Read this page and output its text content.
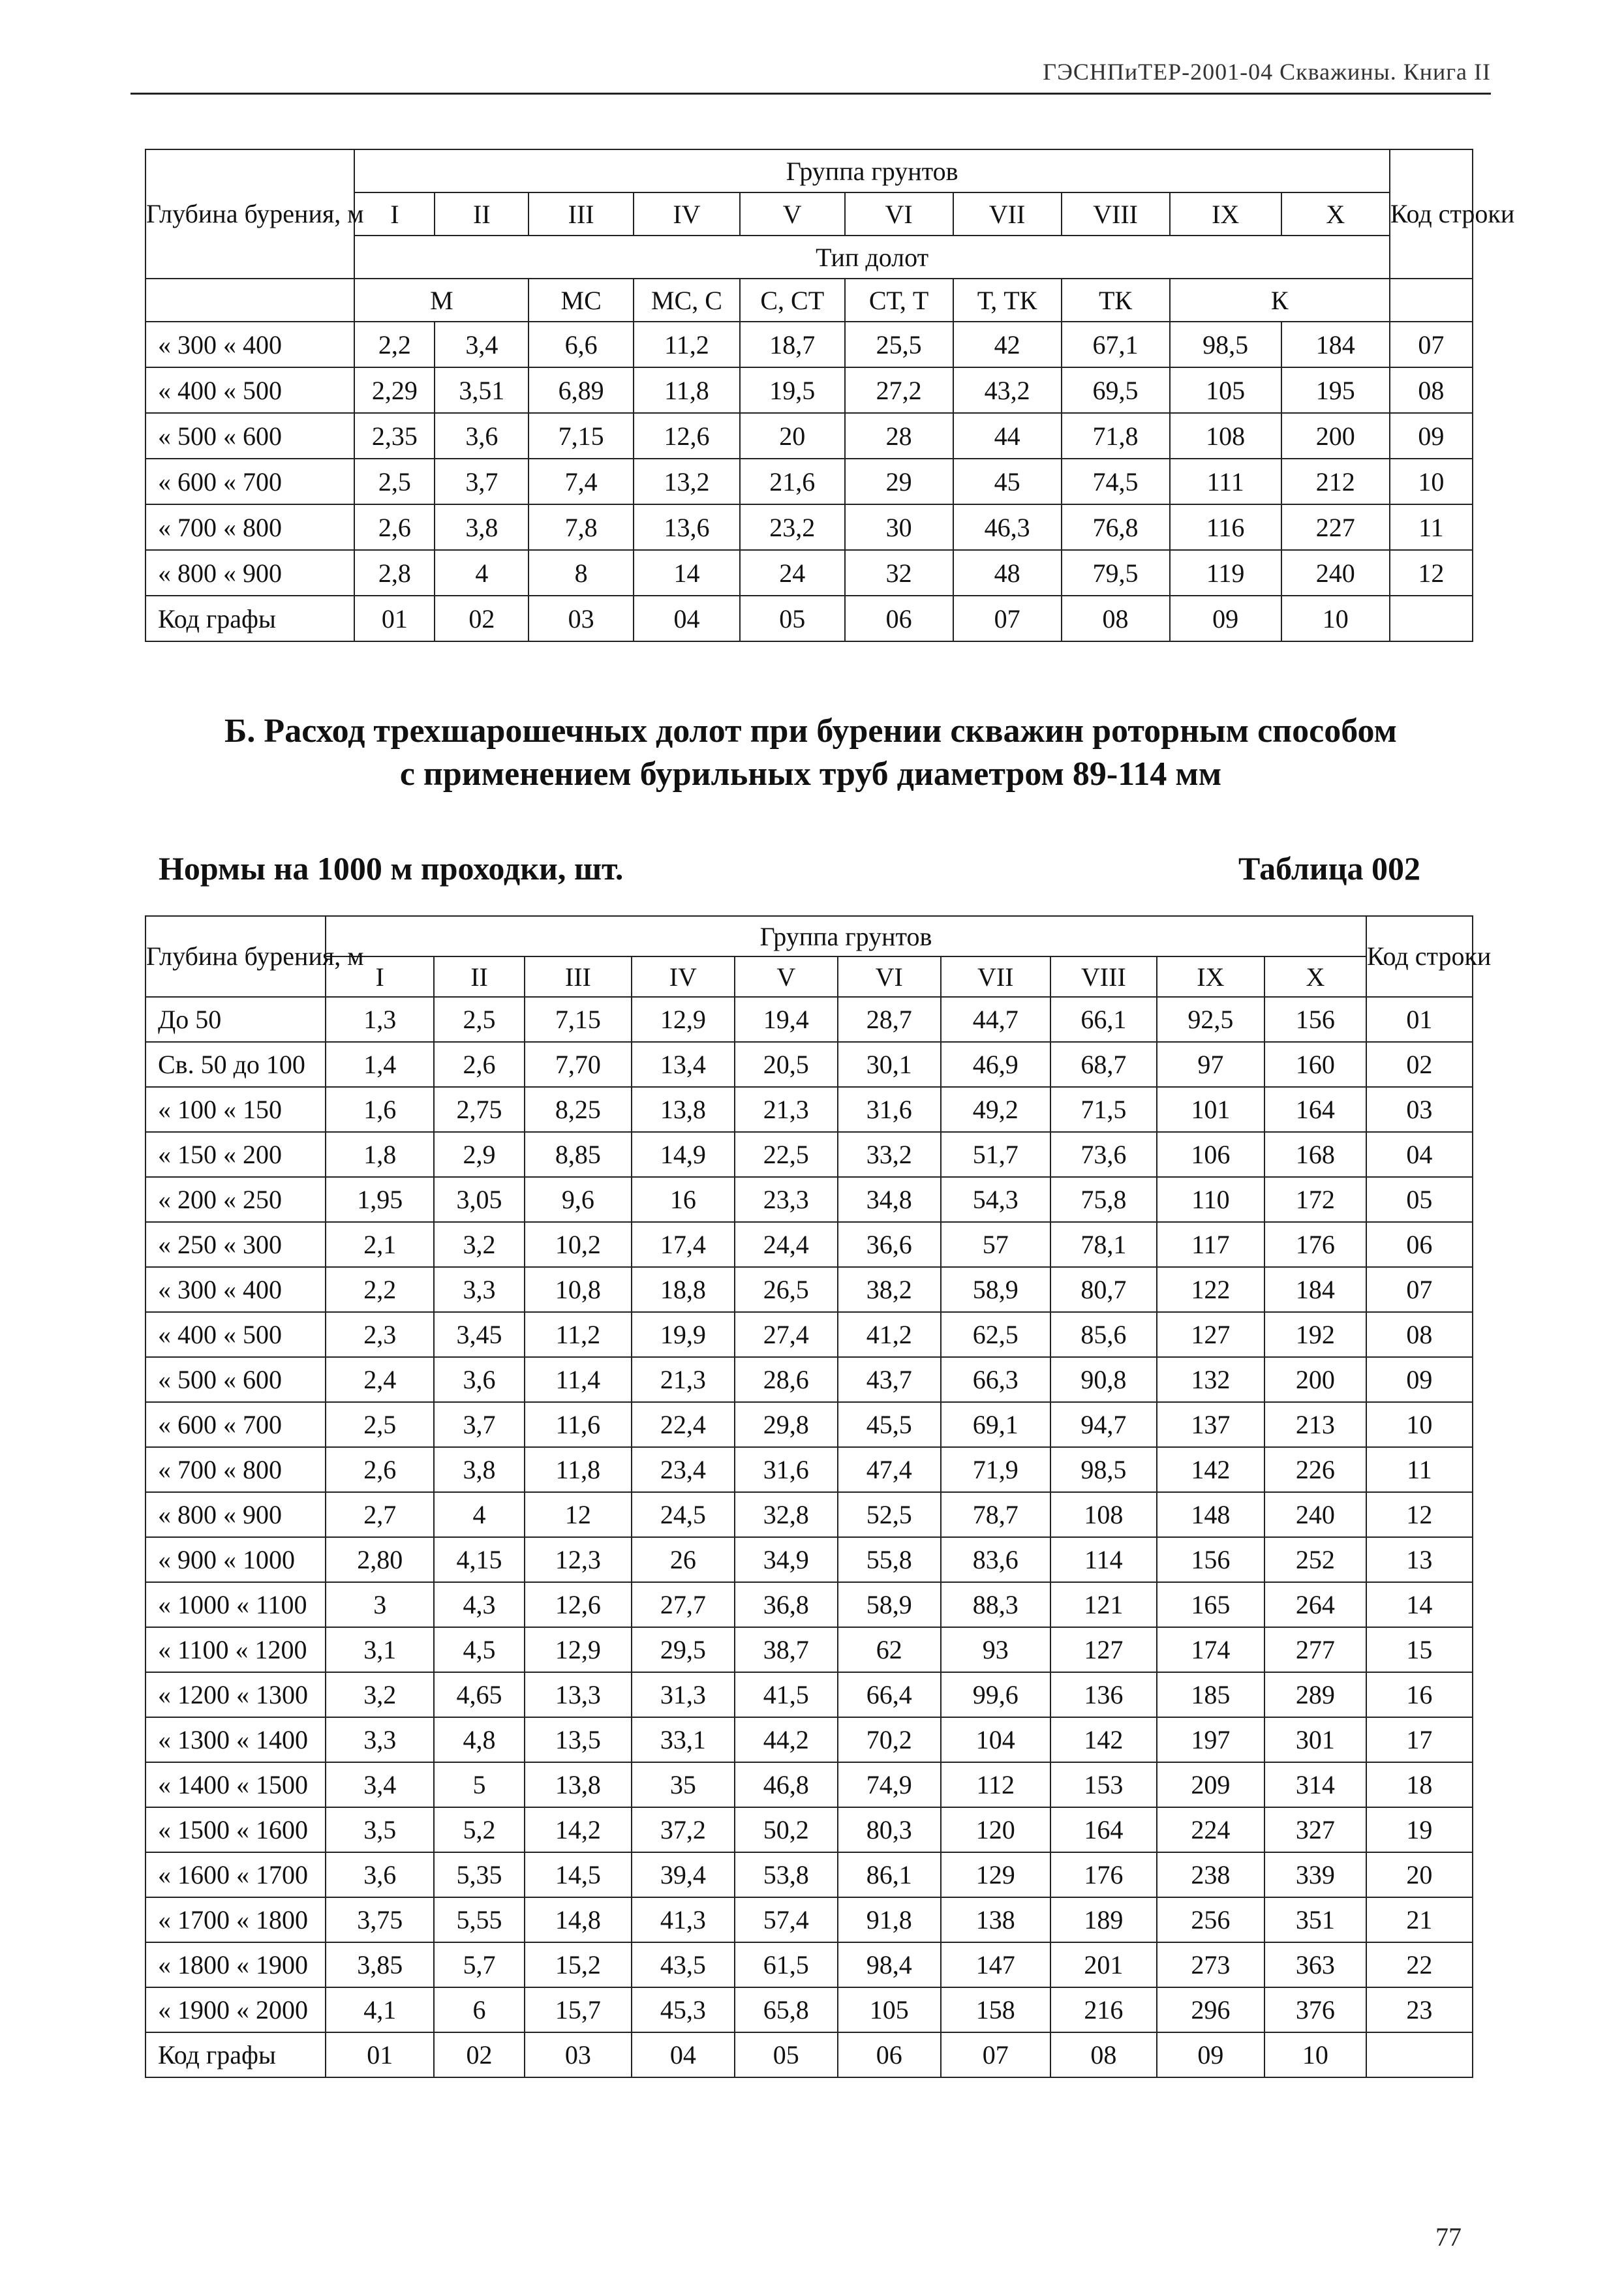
ГЭСНПиТЕР-2001-04 Скважины. Книга II
Глубина бурения, м	Группа грунтов										Код строки
	I	II	III	IV	V	VI	VII	VIII	IX	X	
	Тип долот										
	М		МС	МС, С	С, СТ	СТ, Т	Т, ТК	ТК	К		
« 300 « 400	2,2	3,4	6,6	11,2	18,7	25,5	42	67,1	98,5	184	07
« 400 « 500	2,29	3,51	6,89	11,8	19,5	27,2	43,2	69,5	105	195	08
« 500 « 600	2,35	3,6	7,15	12,6	20	28	44	71,8	108	200	09
« 600 « 700	2,5	3,7	7,4	13,2	21,6	29	45	74,5	111	212	10
« 700 « 800	2,6	3,8	7,8	13,6	23,2	30	46,3	76,8	116	227	11
« 800 « 900	2,8	4	8	14	24	32	48	79,5	119	240	12
Код графы	01	02	03	04	05	06	07	08	09	10	
Б. Расход трехшарошечных долот при бурении скважин роторным способом
с применением бурильных труб диаметром 89-114 мм
Нормы на 1000 м проходки, шт.	Таблица 002
Глубина бурения, м	Группа грунтов										Код строки
	I	II	III	IV	V	VI	VII	VIII	IX	X	
До 50	1,3	2,5	7,15	12,9	19,4	28,7	44,7	66,1	92,5	156	01
Св. 50 до 100	1,4	2,6	7,70	13,4	20,5	30,1	46,9	68,7	97	160	02
« 100 « 150	1,6	2,75	8,25	13,8	21,3	31,6	49,2	71,5	101	164	03
« 150 « 200	1,8	2,9	8,85	14,9	22,5	33,2	51,7	73,6	106	168	04
« 200 « 250	1,95	3,05	9,6	16	23,3	34,8	54,3	75,8	110	172	05
« 250 « 300	2,1	3,2	10,2	17,4	24,4	36,6	57	78,1	117	176	06
« 300 « 400	2,2	3,3	10,8	18,8	26,5	38,2	58,9	80,7	122	184	07
« 400 « 500	2,3	3,45	11,2	19,9	27,4	41,2	62,5	85,6	127	192	08
« 500 « 600	2,4	3,6	11,4	21,3	28,6	43,7	66,3	90,8	132	200	09
« 600 « 700	2,5	3,7	11,6	22,4	29,8	45,5	69,1	94,7	137	213	10
« 700 « 800	2,6	3,8	11,8	23,4	31,6	47,4	71,9	98,5	142	226	11
« 800 « 900	2,7	4	12	24,5	32,8	52,5	78,7	108	148	240	12
« 900 « 1000	2,80	4,15	12,3	26	34,9	55,8	83,6	114	156	252	13
« 1000 « 1100	3	4,3	12,6	27,7	36,8	58,9	88,3	121	165	264	14
« 1100 « 1200	3,1	4,5	12,9	29,5	38,7	62	93	127	174	277	15
« 1200 « 1300	3,2	4,65	13,3	31,3	41,5	66,4	99,6	136	185	289	16
« 1300 « 1400	3,3	4,8	13,5	33,1	44,2	70,2	104	142	197	301	17
« 1400 « 1500	3,4	5	13,8	35	46,8	74,9	112	153	209	314	18
« 1500 « 1600	3,5	5,2	14,2	37,2	50,2	80,3	120	164	224	327	19
« 1600 « 1700	3,6	5,35	14,5	39,4	53,8	86,1	129	176	238	339	20
« 1700 « 1800	3,75	5,55	14,8	41,3	57,4	91,8	138	189	256	351	21
« 1800 « 1900	3,85	5,7	15,2	43,5	61,5	98,4	147	201	273	363	22
« 1900 « 2000	4,1	6	15,7	45,3	65,8	105	158	216	296	376	23
Код графы	01	02	03	04	05	06	07	08	09	10	
77
